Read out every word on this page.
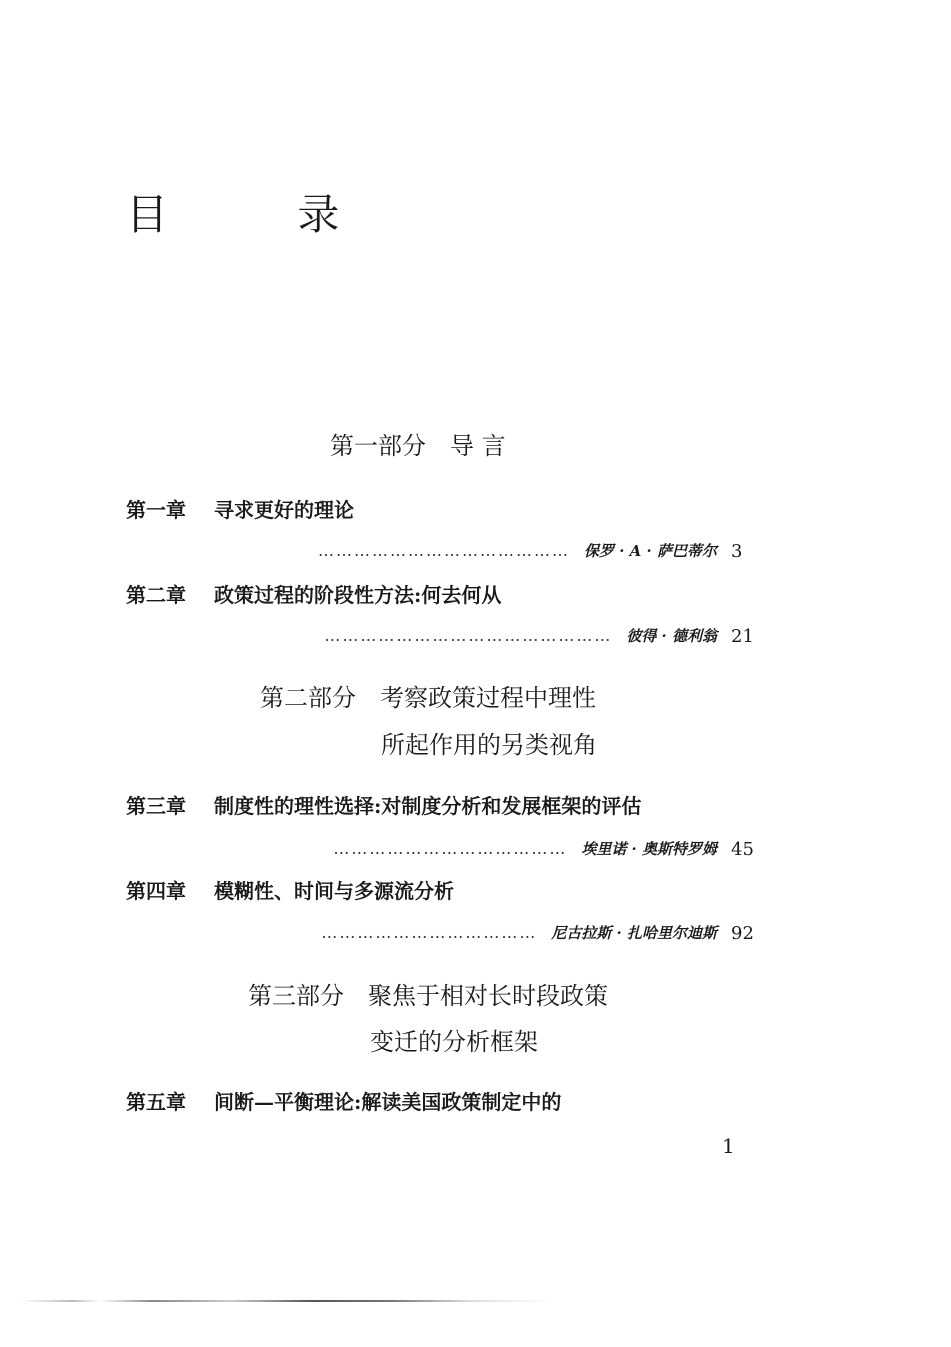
目 录
第一部分 导 言
第一章 寻求更好的理论
…………………………………… 保罗 · A · 萨巴蒂尔 3
第二章 政策过程的阶段性方法:何去何从
………………………………………… 彼得 · 德利翁 21
第二部分 考察政策过程中理性
所起作用的另类视角
第三章 制度性的理性选择:对制度分析和发展框架的评估
………………………………… 埃里诺 · 奥斯特罗姆 45
第四章 模糊性、时间与多源流分析
……………………………… 尼古拉斯 · 扎哈里尔迪斯 92
第三部分 聚焦于相对长时段政策
变迁的分析框架
第五章 间断—平衡理论:解读美国政策制定中的
1
